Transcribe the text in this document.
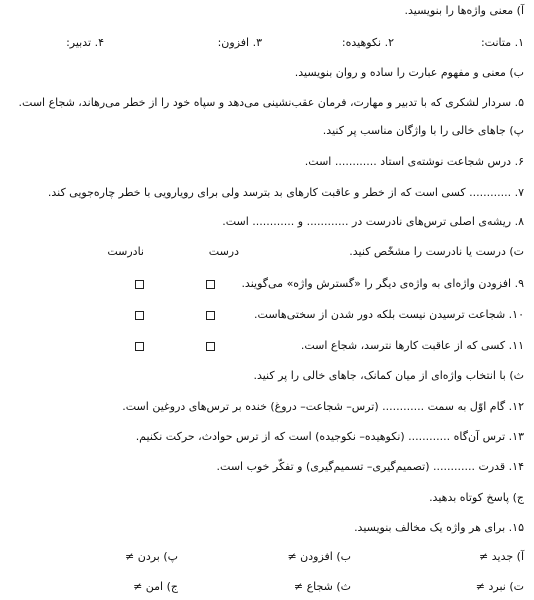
آ) معنی واژه‌ها را بنویسید.
۱. متانت:
۲. نکوهیده:
۳. افزون:
۴. تدبیر:
ب) معنی و مفهوم عبارت را ساده و روان بنویسید.
۵. سردار لشکری که با تدبیر و مهارت، فرمان عقب‌نشینی می‌دهد و سپاه خود را از خطر می‌رهاند، شجاع است.
پ) جاهای خالی را با واژگان مناسب پر کنید.
۶. درس شجاعت نوشته‌ی استاد ............ است.
۷. ............ کسی است که از خطر و عاقبت کارهای بد بترسد ولی برای رویارویی با خطر چاره‌جویی کند.
۸. ریشه‌ی اصلی ترس‌های نادرست در ............ و ............ است.
ت) درست یا نادرست را مشخّص کنید.
درست
نادرست
۹. افزودن واژه‌ای به واژه‌ی دیگر را «گسترش واژه» می‌گویند.
۱۰. شجاعت ترسیدن نیست بلکه دور شدن از سختی‌هاست.
۱۱. کسی که از عاقبت کارها نترسد، شجاع است.
ث) با انتخاب واژه‌ای از میان کمانک، جاهای خالی را پر کنید.
۱۲. گام اوّل به سمت ............ (ترس– شجاعت– دروغ) خنده بر ترس‌های دروغین است.
۱۳. ترس آن‌گاه ............ (نکوهیده– نکوجیده) است که از ترس حوادث، حرکت نکنیم.
۱۴. قدرت ............ (تصمیم‌گیری– تسمیم‌گیری) و تفکّر خوب است.
ج) پاسخ کوتاه بدهید.
۱۵. برای هر واژه یک مخالف بنویسید.
آ) جدید ≠
ب) افزودن ≠
پ) بردن ≠
ت) نبرد ≠
ث) شجاع ≠
ج) امن ≠
